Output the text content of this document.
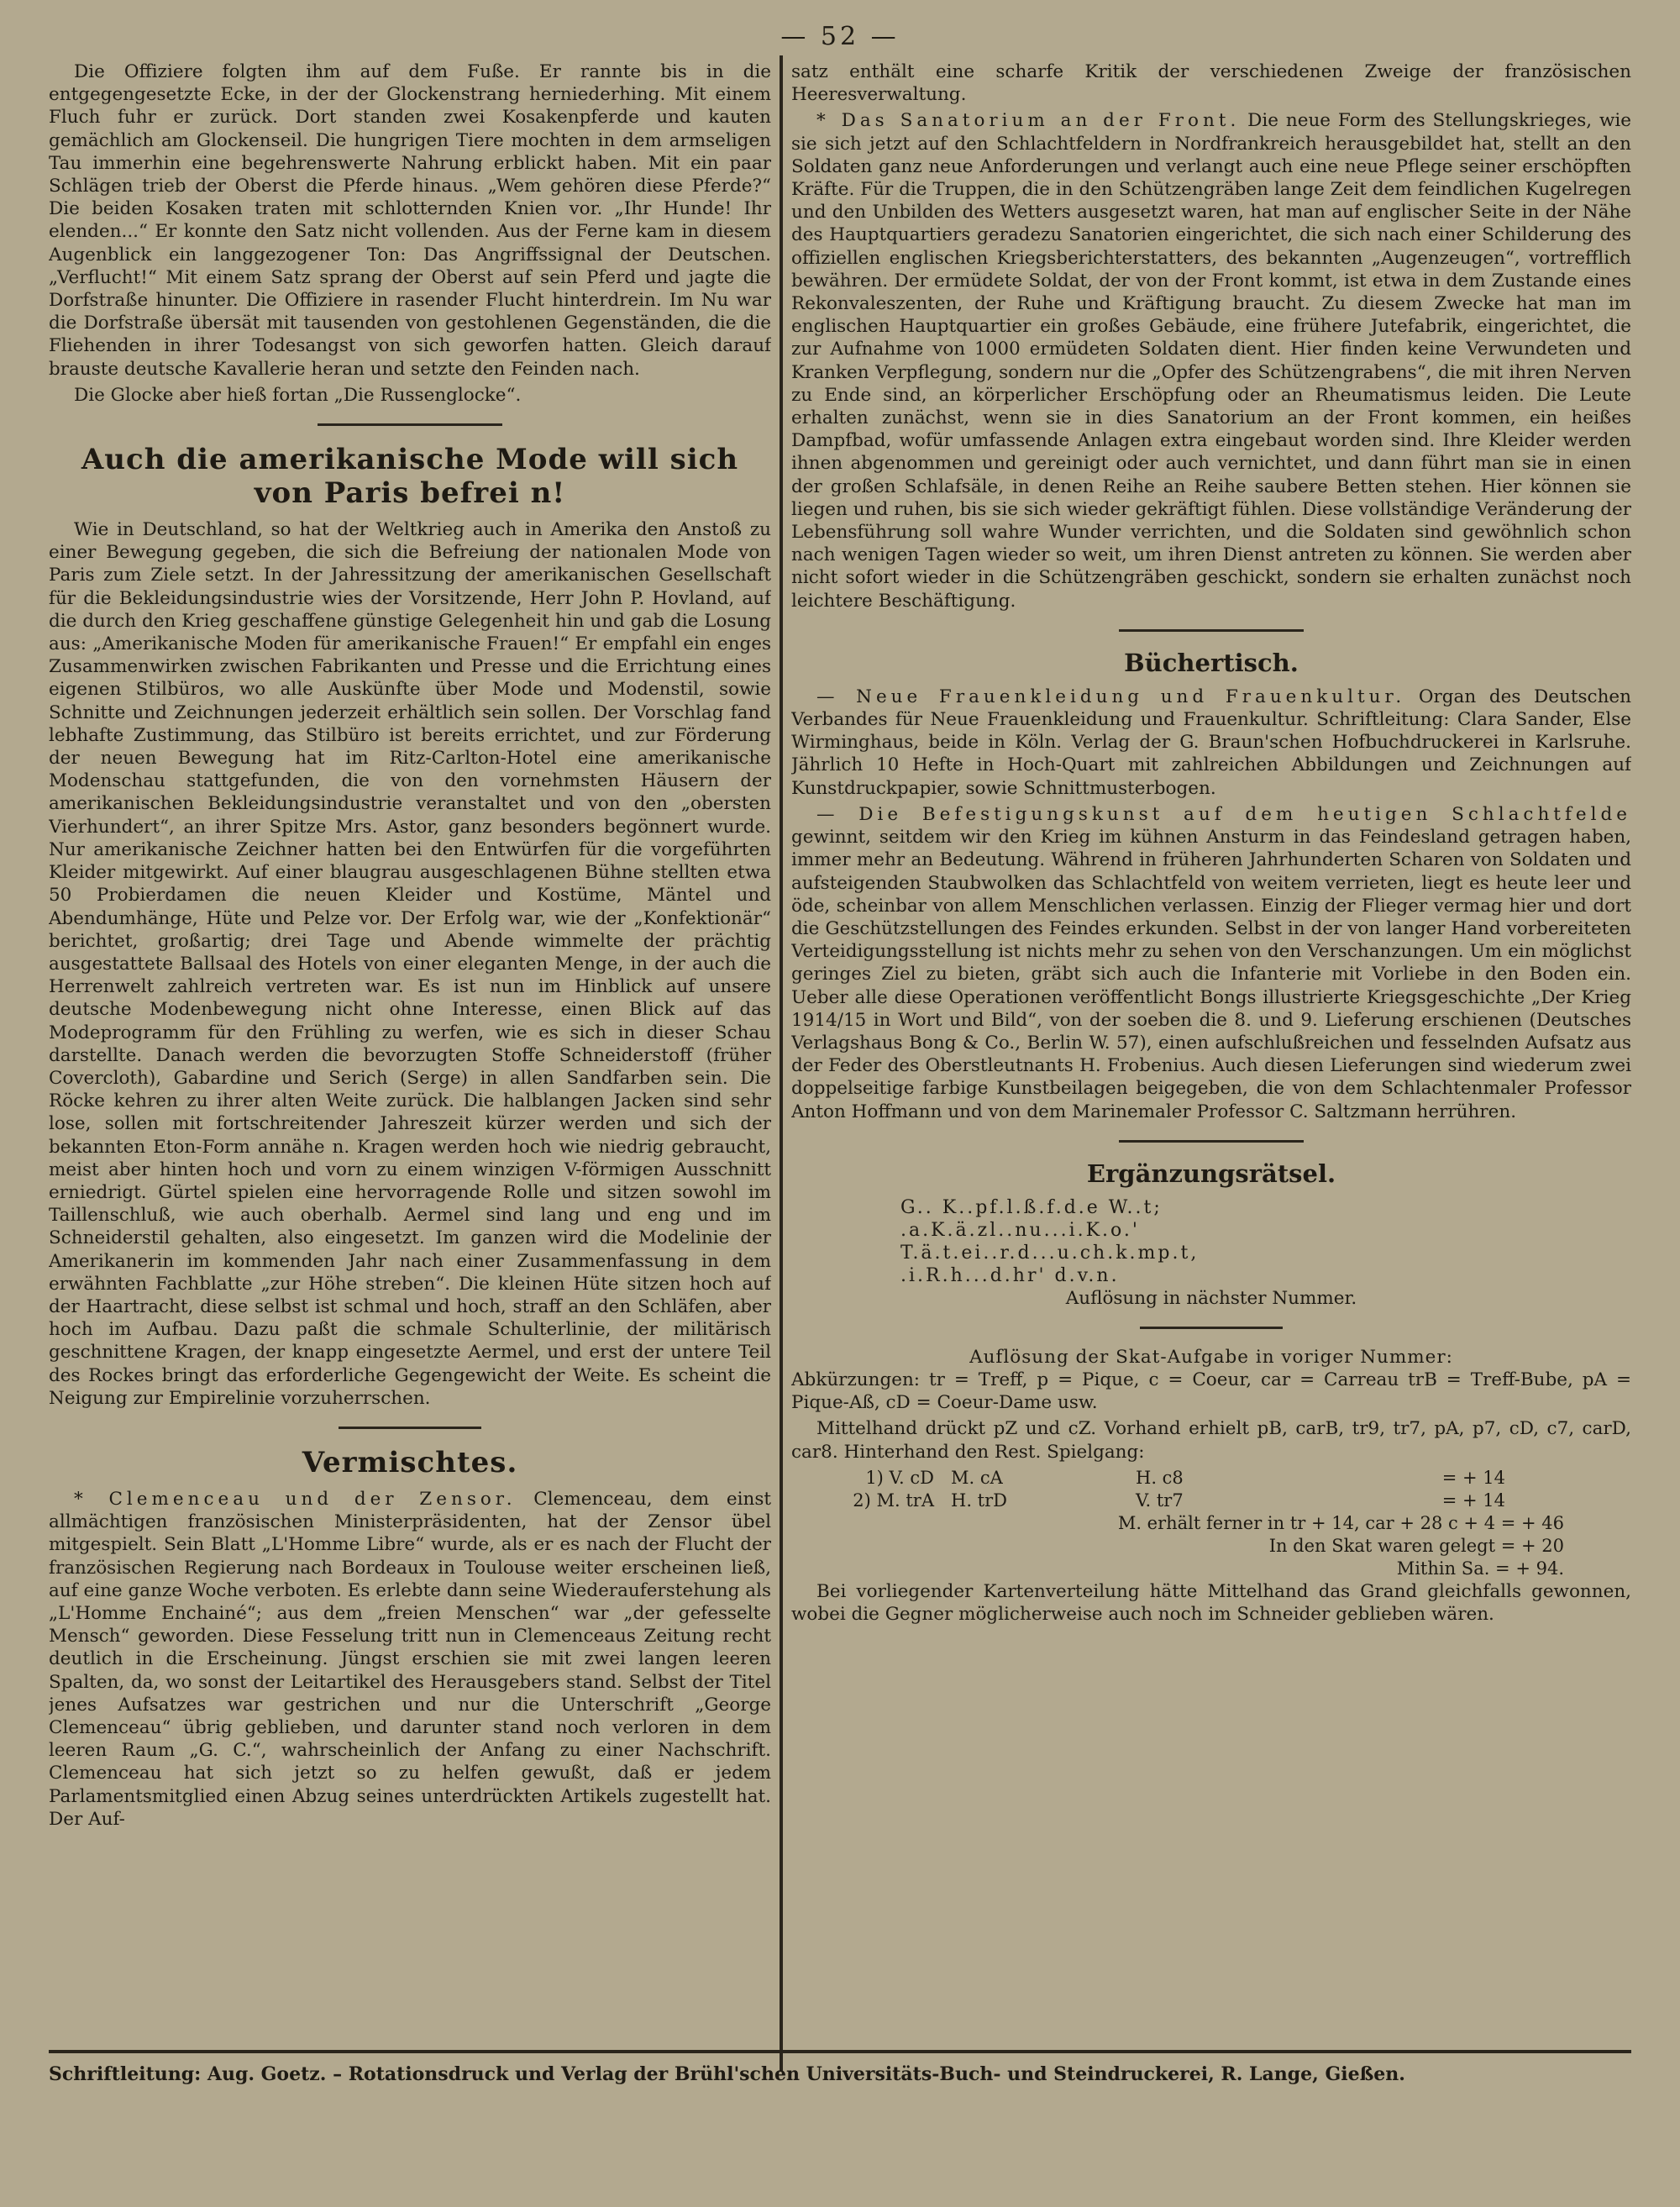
— 52 —

Die Offiziere folgten ihm auf dem Fuße. Er rannte bis in die entgegengesetzte Ecke, in der der Glockenstrang herniederhing. Mit einem Fluch fuhr er zurück. Dort standen zwei Kosakenpferde und kauten gemächlich am Glockenseil. Die hungrigen Tiere mochten in dem armseligen Tau immerhin eine begehrenswerte Nahrung erblickt haben. Mit ein paar Schlägen trieb der Oberst die Pferde hinaus. „Wem gehören diese Pferde?“ Die beiden Kosaken traten mit schlotternden Knien vor. „Ihr Hunde! Ihr elenden...“ Er konnte den Satz nicht vollenden. Aus der Ferne kam in diesem Augenblick ein langgezogener Ton: Das Angriffssignal der Deutschen. „Verflucht!“ Mit einem Satz sprang der Oberst auf sein Pferd und jagte die Dorfstraße hinunter. Die Offiziere in rasender Flucht hinterdrein. Im Nu war die Dorfstraße übersät mit tausenden von gestohlenen Gegenständen, die die Fliehenden in ihrer Todesangst von sich geworfen hatten. Gleich darauf brauste deutsche Kavallerie heran und setzte den Feinden nach.

Die Glocke aber hieß fortan „Die Russenglocke“.

Auch die amerikanische Mode will sich von Paris befrei n!

Wie in Deutschland, so hat der Weltkrieg auch in Amerika den Anstoß zu einer Bewegung gegeben, die sich die Befreiung der nationalen Mode von Paris zum Ziele setzt. In der Jahressitzung der amerikanischen Gesellschaft für die Bekleidungsindustrie wies der Vorsitzende, Herr John P. Hovland, auf die durch den Krieg geschaffene günstige Gelegenheit hin und gab die Losung aus: „Amerikanische Moden für amerikanische Frauen!“ Er empfahl ein enges Zusammenwirken zwischen Fabrikanten und Presse und die Errichtung eines eigenen Stilbüros, wo alle Auskünfte über Mode und Modenstil, sowie Schnitte und Zeichnungen jederzeit erhältlich sein sollen. Der Vorschlag fand lebhafte Zustimmung, das Stilbüro ist bereits errichtet, und zur Förderung der neuen Bewegung hat im Ritz-Carlton-Hotel eine amerikanische Modenschau stattgefunden, die von den vornehmsten Häusern der amerikanischen Bekleidungsindustrie veranstaltet und von den „obersten Vierhundert“, an ihrer Spitze Mrs. Astor, ganz besonders begönnert wurde. Nur amerikanische Zeichner hatten bei den Entwürfen für die vorgeführten Kleider mitgewirkt. Auf einer blaugrau ausgeschlagenen Bühne stellten etwa 50 Probierdamen die neuen Kleider und Kostüme, Mäntel und Abendumhänge, Hüte und Pelze vor. Der Erfolg war, wie der „Konfektionär“ berichtet, großartig; drei Tage und Abende wimmelte der prächtig ausgestattete Ballsaal des Hotels von einer eleganten Menge, in der auch die Herrenwelt zahlreich vertreten war. Es ist nun im Hinblick auf unsere deutsche Modenbewegung nicht ohne Interesse, einen Blick auf das Modeprogramm für den Frühling zu werfen, wie es sich in dieser Schau darstellte. Danach werden die bevorzugten Stoffe Schneiderstoff (früher Covercloth), Gabardine und Serich (Serge) in allen Sandfarben sein. Die Röcke kehren zu ihrer alten Weite zurück. Die halblangen Jacken sind sehr lose, sollen mit fortschreitender Jahreszeit kürzer werden und sich der bekannten Eton-Form annähe n. Kragen werden hoch wie niedrig gebraucht, meist aber hinten hoch und vorn zu einem winzigen V-förmigen Ausschnitt erniedrigt. Gürtel spielen eine hervorragende Rolle und sitzen sowohl im Taillenschluß, wie auch oberhalb. Aermel sind lang und eng und im Schneiderstil gehalten, also eingesetzt. Im ganzen wird die Modelinie der Amerikanerin im kommenden Jahr nach einer Zusammenfassung in dem erwähnten Fachblatte „zur Höhe streben“. Die kleinen Hüte sitzen hoch auf der Haartracht, diese selbst ist schmal und hoch, straff an den Schläfen, aber hoch im Aufbau. Dazu paßt die schmale Schulterlinie, der militärisch geschnittene Kragen, der knapp eingesetzte Aermel, und erst der untere Teil des Rockes bringt das erforderliche Gegengewicht der Weite. Es scheint die Neigung zur Empirelinie vorzuherrschen.

Vermischtes.

* Clemenceau und der Zensor. Clemenceau, dem einst allmächtigen französischen Ministerpräsidenten, hat der Zensor übel mitgespielt. Sein Blatt „L'Homme Libre“ wurde, als er es nach der Flucht der französischen Regierung nach Bordeaux in Toulouse weiter erscheinen ließ, auf eine ganze Woche verboten. Es erlebte dann seine Wiederauferstehung als „L'Homme Enchainé“; aus dem „freien Menschen“ war „der gefesselte Mensch“ geworden. Diese Fesselung tritt nun in Clemenceaus Zeitung recht deutlich in die Erscheinung. Jüngst erschien sie mit zwei langen leeren Spalten, da, wo sonst der Leitartikel des Herausgebers stand. Selbst der Titel jenes Aufsatzes war gestrichen und nur die Unterschrift „George Clemenceau“ übrig geblieben, und darunter stand noch verloren in dem leeren Raum „G. C.“, wahrscheinlich der Anfang zu einer Nachschrift. Clemenceau hat sich jetzt so zu helfen gewußt, daß er jedem Parlamentsmitglied einen Abzug seines unterdrückten Artikels zugestellt hat. Der Auf-

satz enthält eine scharfe Kritik der verschiedenen Zweige der französischen Heeresverwaltung.

* Das Sanatorium an der Front. Die neue Form des Stellungskrieges, wie sie sich jetzt auf den Schlachtfeldern in Nordfrankreich herausgebildet hat, stellt an den Soldaten ganz neue Anforderungen und verlangt auch eine neue Pflege seiner erschöpften Kräfte. Für die Truppen, die in den Schützengräben lange Zeit dem feindlichen Kugelregen und den Unbilden des Wetters ausgesetzt waren, hat man auf englischer Seite in der Nähe des Hauptquartiers geradezu Sanatorien eingerichtet, die sich nach einer Schilderung des offiziellen englischen Kriegsberichterstatters, des bekannten „Augenzeugen“, vortrefflich bewähren. Der ermüdete Soldat, der von der Front kommt, ist etwa in dem Zustande eines Rekonvaleszenten, der Ruhe und Kräftigung braucht. Zu diesem Zwecke hat man im englischen Hauptquartier ein großes Gebäude, eine frühere Jutefabrik, eingerichtet, die zur Aufnahme von 1000 ermüdeten Soldaten dient. Hier finden keine Verwundeten und Kranken Verpflegung, sondern nur die „Opfer des Schützengrabens“, die mit ihren Nerven zu Ende sind, an körperlicher Erschöpfung oder an Rheumatismus leiden. Die Leute erhalten zunächst, wenn sie in dies Sanatorium an der Front kommen, ein heißes Dampfbad, wofür umfassende Anlagen extra eingebaut worden sind. Ihre Kleider werden ihnen abgenommen und gereinigt oder auch vernichtet, und dann führt man sie in einen der großen Schlafsäle, in denen Reihe an Reihe saubere Betten stehen. Hier können sie liegen und ruhen, bis sie sich wieder gekräftigt fühlen. Diese vollständige Veränderung der Lebensführung soll wahre Wunder verrichten, und die Soldaten sind gewöhnlich schon nach wenigen Tagen wieder so weit, um ihren Dienst antreten zu können. Sie werden aber nicht sofort wieder in die Schützengräben geschickt, sondern sie erhalten zunächst noch leichtere Beschäftigung.

Büchertisch.

— Neue Frauenkleidung und Frauenkultur. Organ des Deutschen Verbandes für Neue Frauenkleidung und Frauenkultur. Schriftleitung: Clara Sander, Else Wirminghaus, beide in Köln. Verlag der G. Braun'schen Hofbuchdruckerei in Karlsruhe. Jährlich 10 Hefte in Hoch-Quart mit zahlreichen Abbildungen und Zeichnungen auf Kunstdruckpapier, sowie Schnittmusterbogen.

— Die Befestigungskunst auf dem heutigen Schlachtfelde gewinnt, seitdem wir den Krieg im kühnen Ansturm in das Feindesland getragen haben, immer mehr an Bedeutung. Während in früheren Jahrhunderten Scharen von Soldaten und aufsteigenden Staubwolken das Schlachtfeld von weitem verrieten, liegt es heute leer und öde, scheinbar von allem Menschlichen verlassen. Einzig der Flieger vermag hier und dort die Geschützstellungen des Feindes erkunden. Selbst in der von langer Hand vorbereiteten Verteidigungsstellung ist nichts mehr zu sehen von den Verschanzungen. Um ein möglichst geringes Ziel zu bieten, gräbt sich auch die Infanterie mit Vorliebe in den Boden ein. Ueber alle diese Operationen veröffentlicht Bongs illustrierte Kriegsgeschichte „Der Krieg 1914/15 in Wort und Bild“, von der soeben die 8. und 9. Lieferung erschienen (Deutsches Verlagshaus Bong & Co., Berlin W. 57), einen aufschlußreichen und fesselnden Aufsatz aus der Feder des Oberstleutnants H. Frobenius. Auch diesen Lieferungen sind wiederum zwei doppelseitige farbige Kunstbeilagen beigegeben, die von dem Schlachtenmaler Professor Anton Hoffmann und von dem Marinemaler Professor C. Saltzmann herrühren.

Ergänzungsrätsel.
G.. K..pf.l.ß.f.d.e W..t;
.a.K.ä.zl..nu...i.K.o.'
T.ä.t.ei..r.d...u.ch.k.mp.t,
.i.R.h...d.hr' d.v.n.

Auflösung in nächster Nummer.

Auflösung der Skat-Aufgabe in voriger Nummer:

Abkürzungen: tr = Treff, p = Pique, c = Coeur, car = Carreau trB = Treff-Bube, pA = Pique-Aß, cD = Coeur-Dame usw.

Mittelhand drückt pZ und cZ. Vorhand erhielt pB, carB, tr9, tr7, pA, p7, cD, c7, carD, car8. Hinterhand den Rest. Spielgang:

1) V. cD M. cA	H. c8	= + 14
2) M. trA H. trD	V. tr7	= + 14
M. erhält ferner in tr + 14, car + 28 c + 4 = + 46
In den Skat waren gelegt = + 20
Mithin Sa. = + 94.

Bei vorliegender Kartenverteilung hätte Mittelhand das Grand gleichfalls gewonnen, wobei die Gegner möglicherweise auch noch im Schneider geblieben wären.

Schriftleitung: Aug. Goetz. – Rotationsdruck und Verlag der Brühl'schen Universitäts-Buch- und Steindruckerei, R. Lange, Gießen.
